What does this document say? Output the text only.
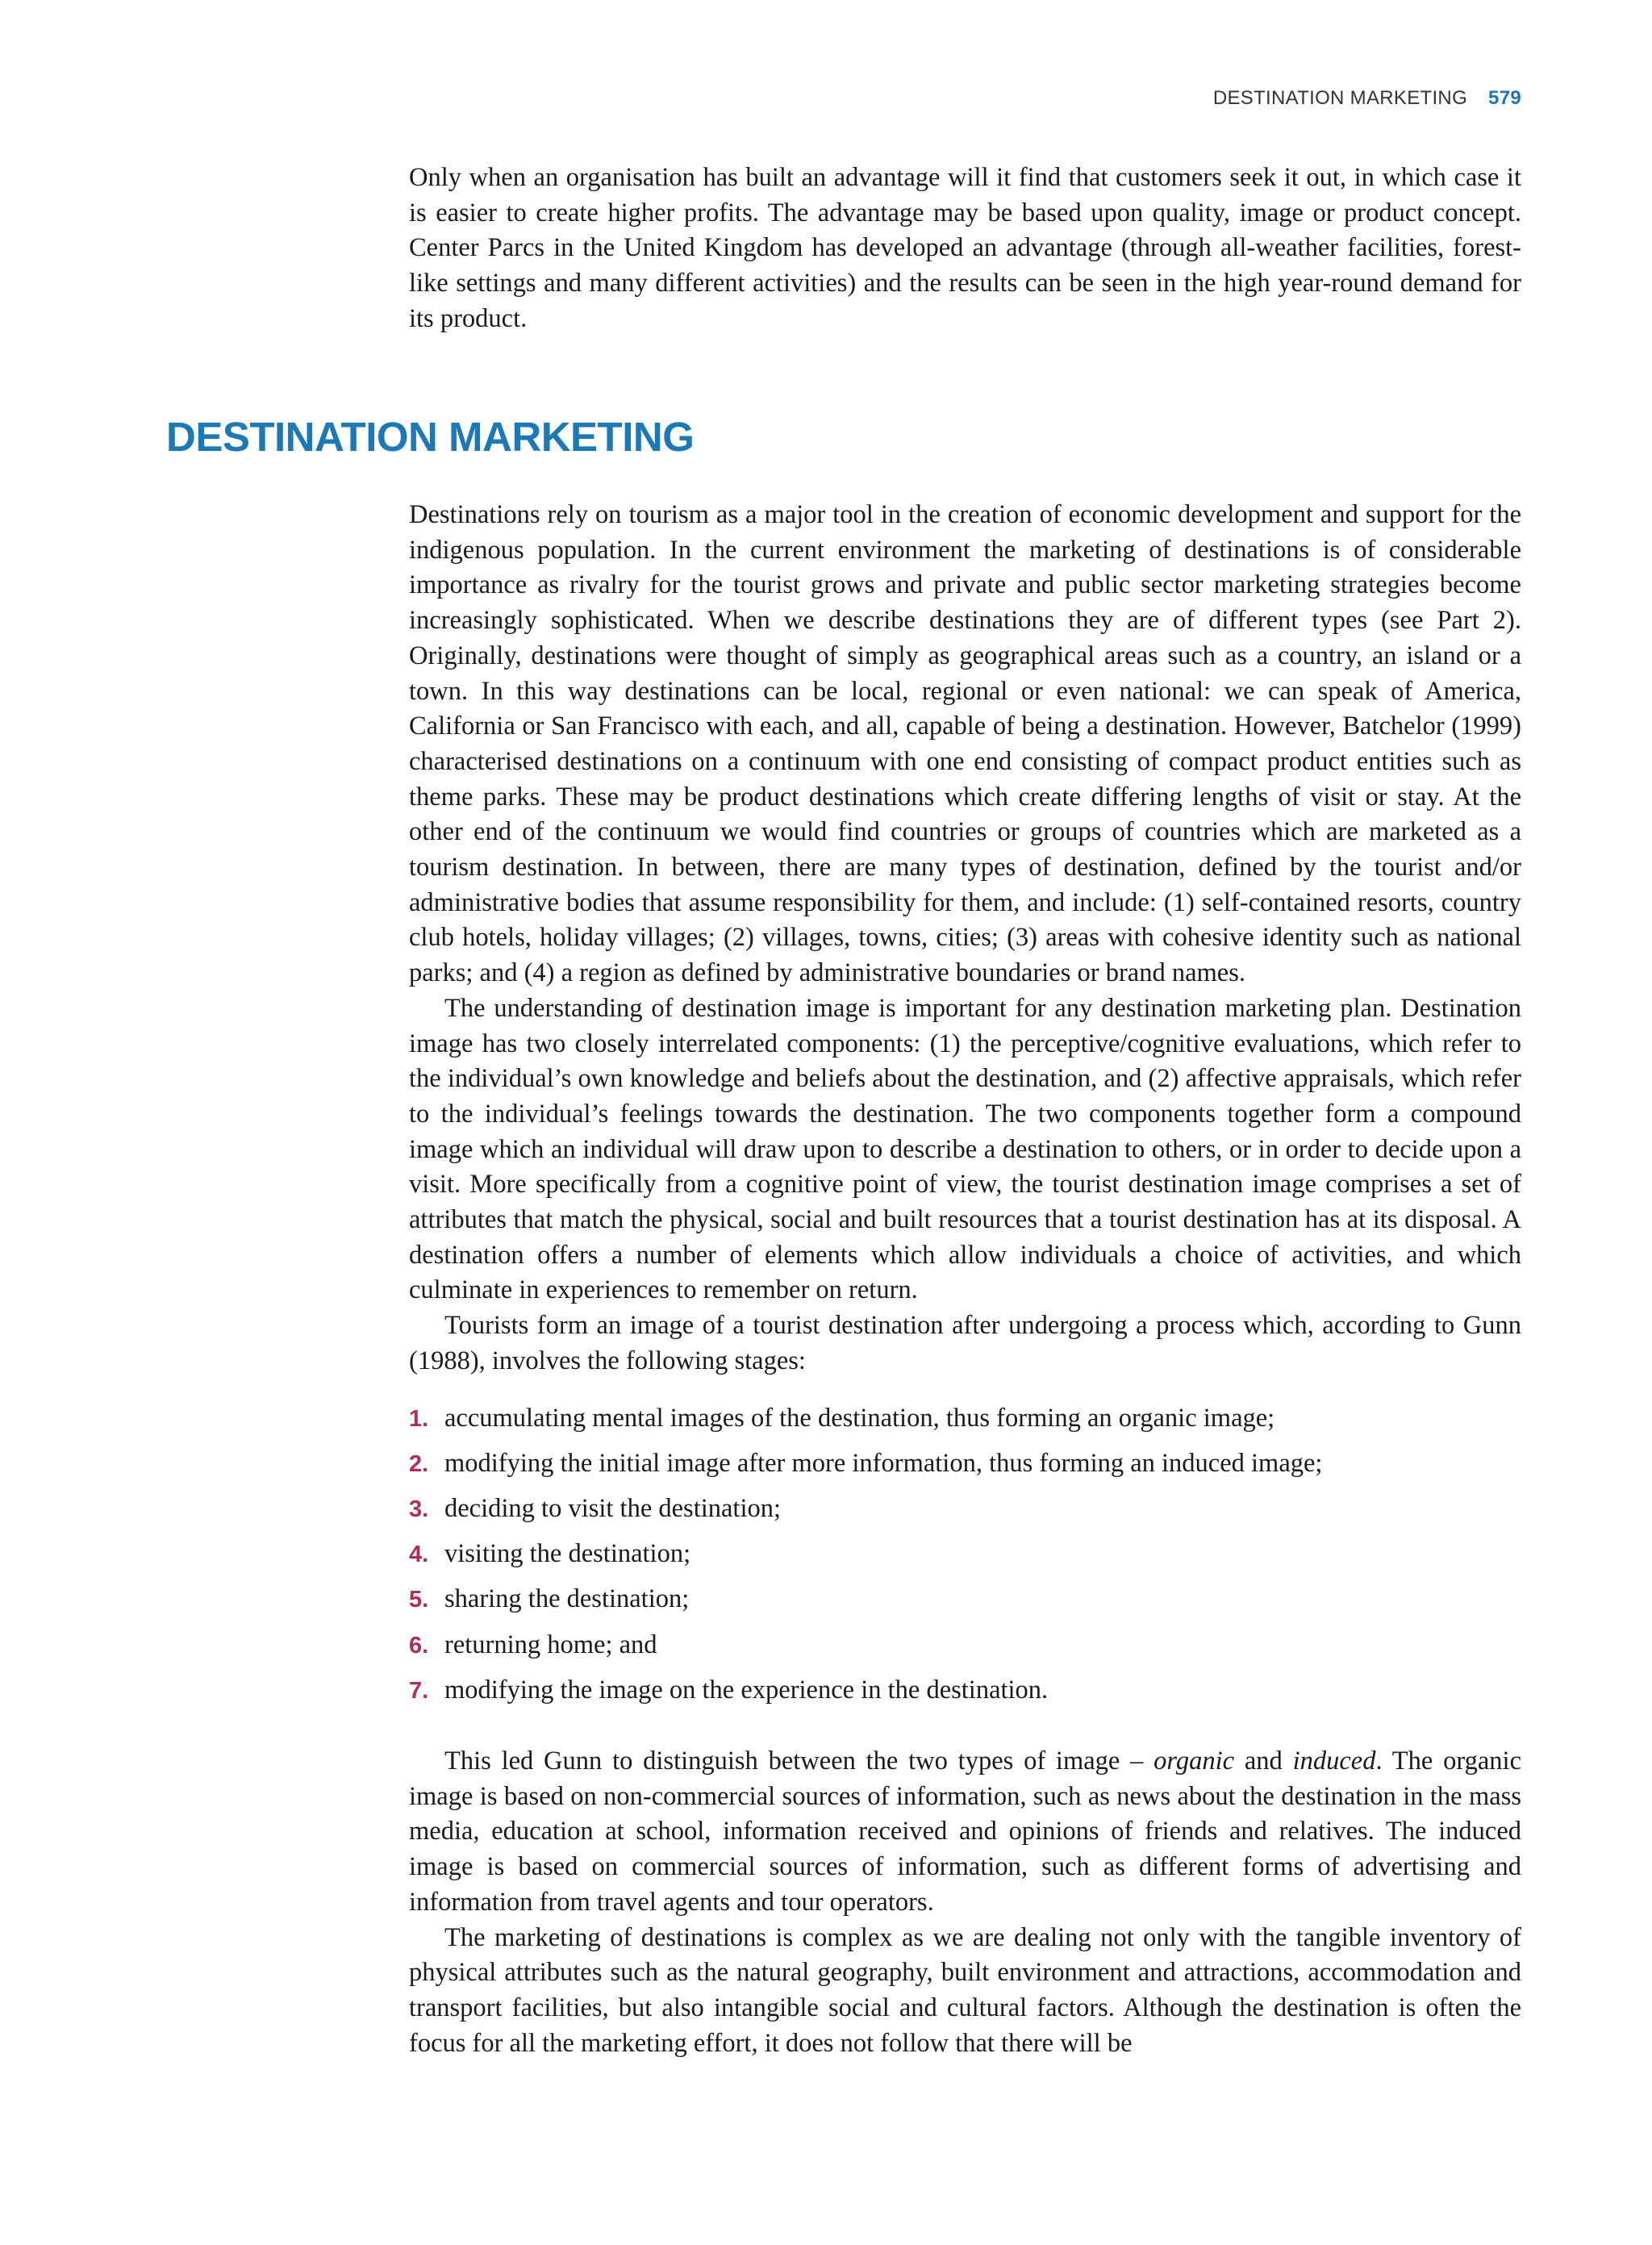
DESTINATION MARKETING 579

Only when an organisation has built an advantage will it find that customers seek it out, in which case it is easier to create higher profits. The advantage may be based upon quality, image or product concept. Center Parcs in the United Kingdom has developed an advantage (through all-weather facilities, forest-like settings and many different activities) and the results can be seen in the high year-round demand for its product.

DESTINATION MARKETING

Destinations rely on tourism as a major tool in the creation of economic development and support for the indigenous population. In the current environment the marketing of destinations is of considerable importance as rivalry for the tourist grows and private and public sector marketing strategies become increasingly sophisticated. When we describe destinations they are of different types (see Part 2). Originally, destinations were thought of simply as geographical areas such as a country, an island or a town. In this way destinations can be local, regional or even national: we can speak of America, California or San Francisco with each, and all, capable of being a destination. However, Batchelor (1999) characterised destinations on a continuum with one end consisting of compact product entities such as theme parks. These may be product destinations which create differing lengths of visit or stay. At the other end of the continuum we would find countries or groups of countries which are marketed as a tourism destination. In between, there are many types of destination, defined by the tourist and/or administrative bodies that assume responsibility for them, and include: (1) self-contained resorts, country club hotels, holiday villages; (2) villages, towns, cities; (3) areas with cohesive identity such as national parks; and (4) a region as defined by administrative boundaries or brand names.

The understanding of destination image is important for any destination marketing plan. Destination image has two closely interrelated components: (1) the perceptive/cognitive evaluations, which refer to the individual’s own knowledge and beliefs about the destination, and (2) affective appraisals, which refer to the individual’s feelings towards the destination. The two components together form a compound image which an individual will draw upon to describe a destination to others, or in order to decide upon a visit. More specifically from a cognitive point of view, the tourist destination image comprises a set of attributes that match the physical, social and built resources that a tourist destination has at its disposal. A destination offers a number of elements which allow individuals a choice of activities, and which culminate in experiences to remember on return.

Tourists form an image of a tourist destination after undergoing a process which, according to Gunn (1988), involves the following stages:

1. accumulating mental images of the destination, thus forming an organic image;
2. modifying the initial image after more information, thus forming an induced image;
3. deciding to visit the destination;
4. visiting the destination;
5. sharing the destination;
6. returning home; and
7. modifying the image on the experience in the destination.

This led Gunn to distinguish between the two types of image – organic and induced. The organic image is based on non-commercial sources of information, such as news about the destination in the mass media, education at school, information received and opinions of friends and relatives. The induced image is based on commercial sources of information, such as different forms of advertising and information from travel agents and tour operators.

The marketing of destinations is complex as we are dealing not only with the tangible inventory of physical attributes such as the natural geography, built environment and attractions, accommodation and transport facilities, but also intangible social and cultural factors. Although the destination is often the focus for all the marketing effort, it does not follow that there will be
